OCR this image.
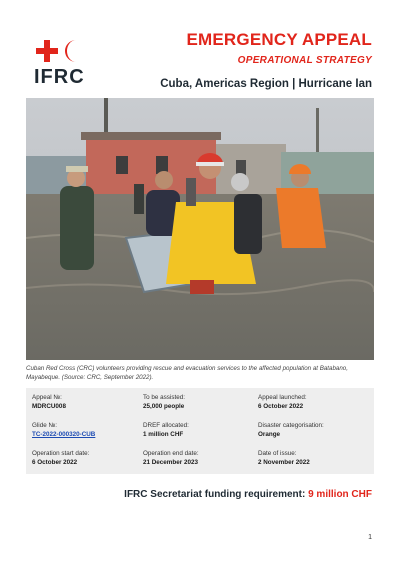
IFRC
EMERGENCY APPEAL
OPERATIONAL STRATEGY
Cuba, Americas Region | Hurricane Ian
Cuban Red Cross (CRC) volunteers providing rescue and evacuation services to the affected population at Batabano, Mayabeque. (Source: CRC, September 2022).
Appeal №:
MDRCU008
To be assisted:
25,000 people
Appeal launched:
6 October 2022
Glide №:
TC-2022-000320-CUB
DREF allocated:
1 million CHF
Disaster categorisation:
Orange
Operation start date:
6 October 2022
Operation end date:
21 December 2023
Date of issue:
2 November 2022
IFRC Secretariat funding requirement: 9 million CHF
1
